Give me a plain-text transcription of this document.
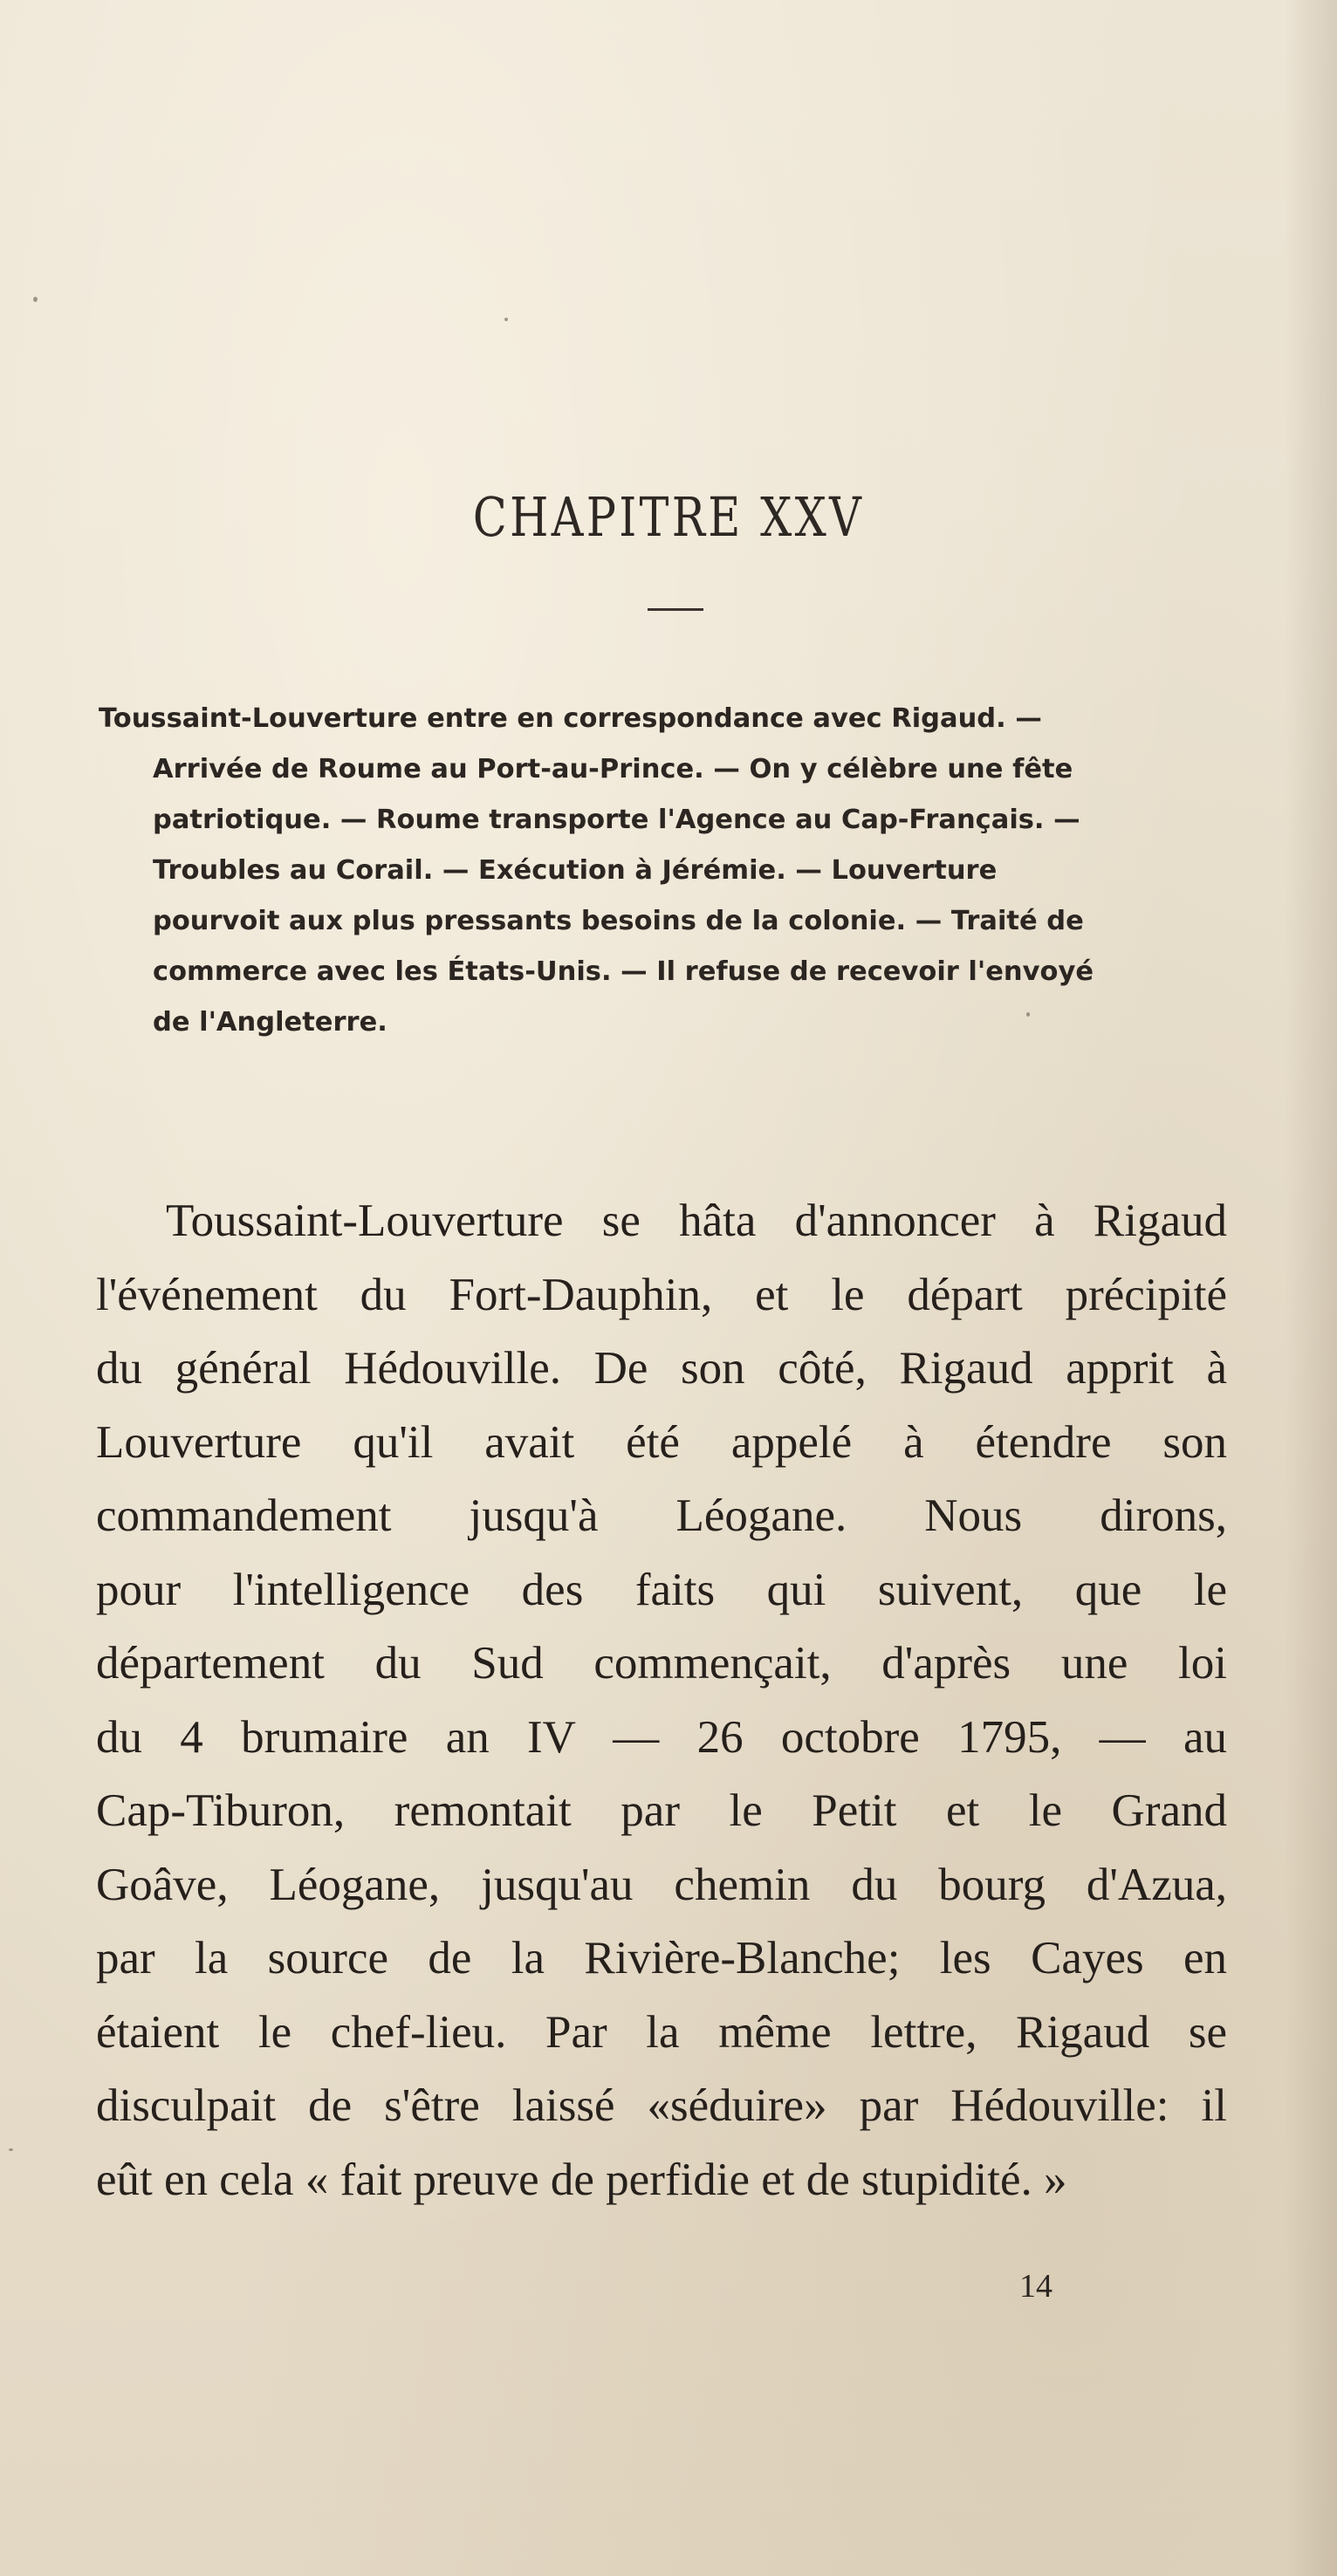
CHAPITRE XXV
Toussaint-Louverture entre en correspondance avec Rigaud. —
Arrivée de Roume au Port-au-Prince. — On y célèbre une fête
patriotique. — Roume transporte l'Agence au Cap-Français. —
Troubles au Corail. — Exécution à Jérémie. — Louverture
pourvoit aux plus pressants besoins de la colonie. — Traité de
commerce avec les États-Unis. — Il refuse de recevoir l'envoyé
de l'Angleterre.
Toussaint-Louverture se hâta d'annoncer à Rigaud
l'événement du Fort-Dauphin, et le départ précipité
du général Hédouville. De son côté, Rigaud apprit à
Louverture qu'il avait été appelé à étendre son
commandement jusqu'à Léogane. Nous dirons,
pour l'intelligence des faits qui suivent, que le
département du Sud commençait, d'après une loi
du 4 brumaire an IV — 26 octobre 1795, — au
Cap-Tiburon, remontait par le Petit et le Grand
Goâve, Léogane, jusqu'au chemin du bourg d'Azua,
par la source de la Rivière-Blanche; les Cayes en
étaient le chef-lieu. Par la même lettre, Rigaud se
disculpait de s'être laissé «séduire» par Hédouville: il
eût en cela « fait preuve de perfidie et de stupidité. »
14
